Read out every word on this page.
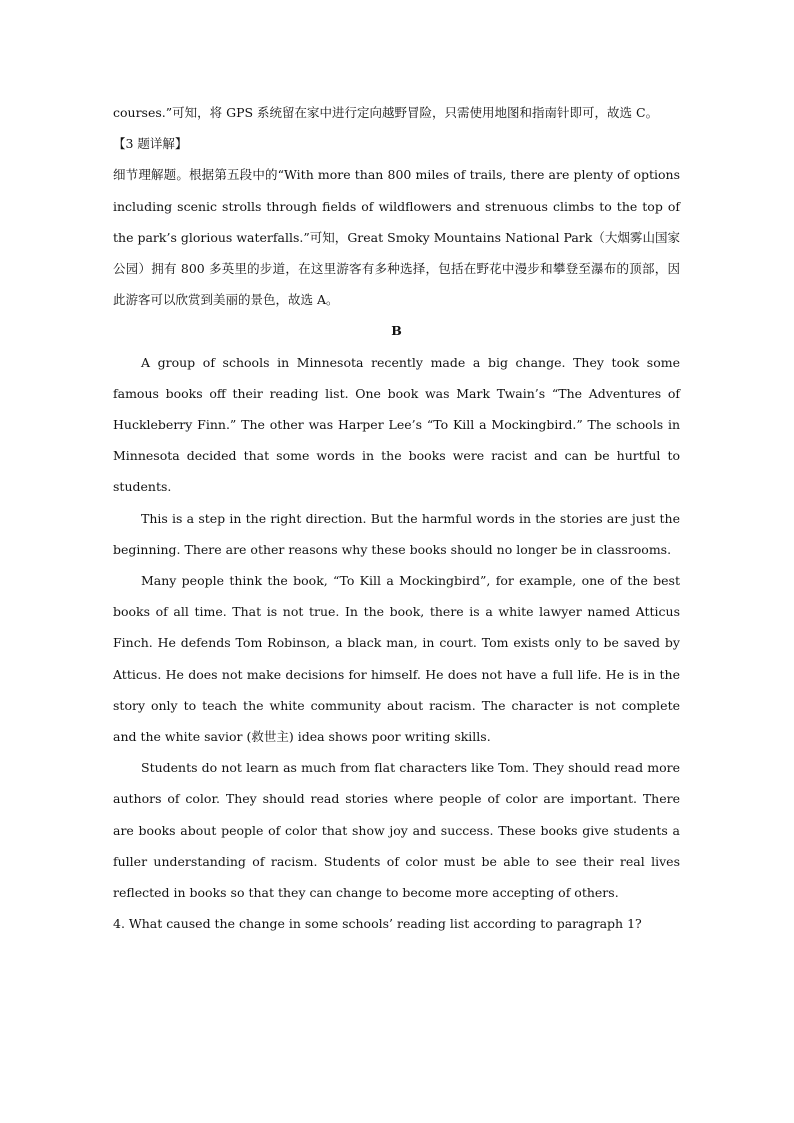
courses.”可知，将 GPS 系统留在家中进行定向越野冒险，只需使用地图和指南针即可，故选 C。

【3 题详解】

细节理解题。根据第五段中的“With more than 800 miles of trails, there are plenty of options including scenic strolls through fields of wildflowers and strenuous climbs to the top of the park’s glorious waterfalls.”可知，Great Smoky Mountains National Park（大烟雾山国家公园）拥有 800 多英里的步道，在这里游客有多种选择，包括在野花中漫步和攀登至瀑布的顶部，因此游客可以欣赏到美丽的景色，故选 A。

B

A group of schools in Minnesota recently made a big change. They took some famous books off their reading list. One book was Mark Twain’s “The Adventures of Huckleberry Finn.” The other was Harper Lee’s “To Kill a Mockingbird.” The schools in Minnesota decided that some words in the books were racist and can be hurtful to students.

This is a step in the right direction. But the harmful words in the stories are just the beginning. There are other reasons why these books should no longer be in classrooms.

Many people think the book, “To Kill a Mockingbird”, for example, one of the best books of all time. That is not true. In the book, there is a white lawyer named Atticus Finch. He defends Tom Robinson, a black man, in court. Tom exists only to be saved by Atticus. He does not make decisions for himself. He does not have a full life. He is in the story only to teach the white community about racism. The character is not complete and the white savior (救世主) idea shows poor writing skills.

Students do not learn as much from flat characters like Tom. They should read more authors of color. They should read stories where people of color are important. There are books about people of color that show joy and success. These books give students a fuller understanding of racism. Students of color must be able to see their real lives reflected in books so that they can change to become more accepting of others.

4. What caused the change in some schools’ reading list according to paragraph 1?
